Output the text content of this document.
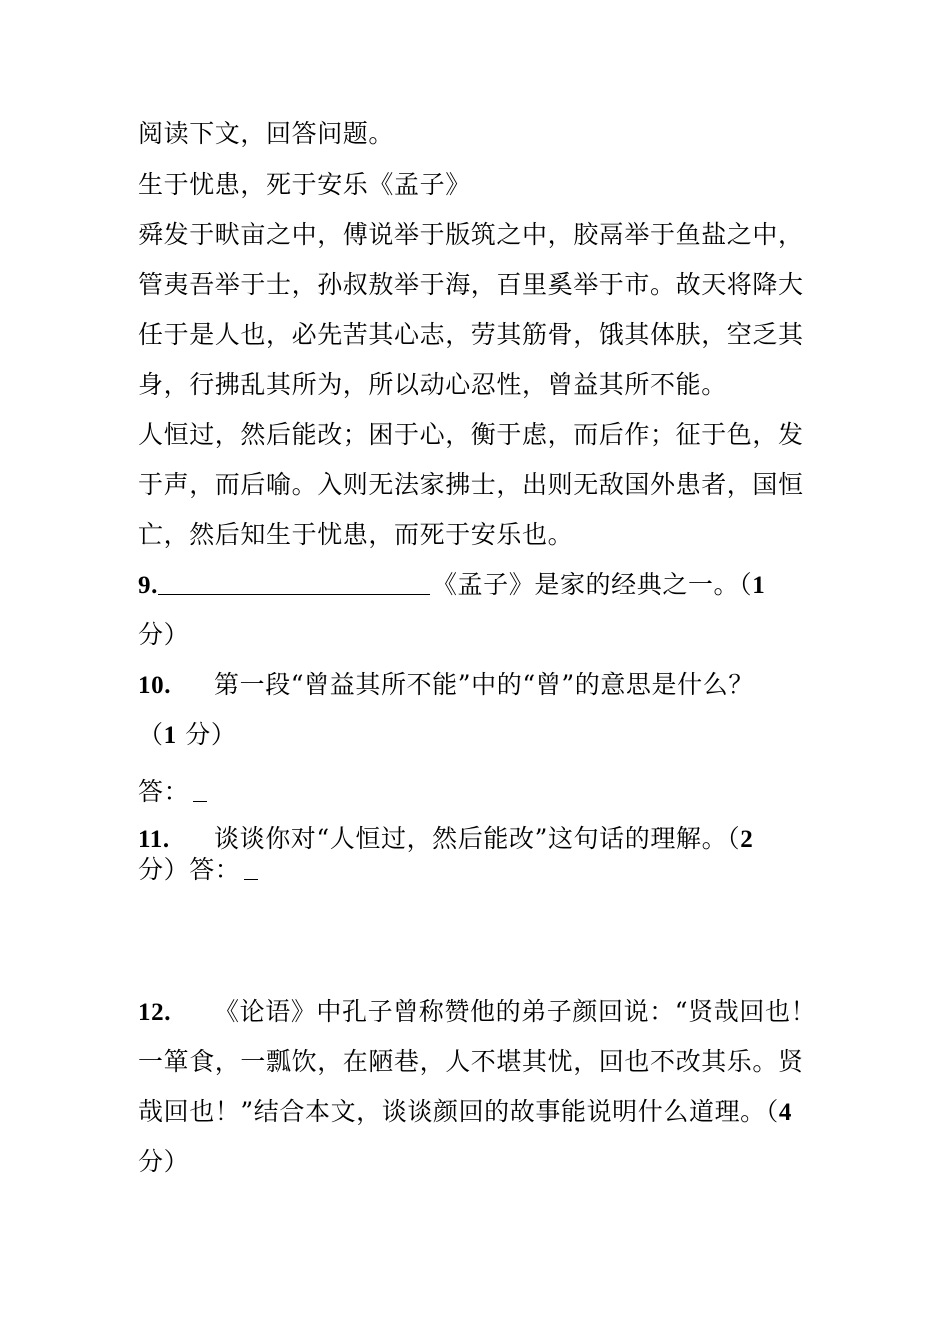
阅读下文，回答问题。

生于忧患，死于安乐《孟子》

舜发于畎亩之中，傅说举于版筑之中，胶鬲举于鱼盐之中，

管夷吾举于士，孙叔敖举于海，百里奚举于市。故天将降大

任于是人也，必先苦其心志，劳其筋骨，饿其体肤，空乏其

身，行拂乱其所为，所以动心忍性，曾益其所不能。

人恒过，然后能改；困于心，衡于虑，而后作；征于色，发

于声，而后喻。入则无法家拂士，出则无敌国外患者，国恒

亡，然后知生于忧患，而死于安乐也。

9.	《孟子》是家的经典之一。（1

分）

10. 第一段“曾益其所不能”中的“曾”的意思是什么？

（1 分）

答：

11. 谈谈你对“人恒过，然后能改”这句话的理解。（2

分）答：

12. 《论语》中孔子曾称赞他的弟子颜回说：“贤哉回也！

一箪食，一瓢饮，在陋巷，人不堪其忧，回也不改其乐。贤

哉回也！”结合本文，谈谈颜回的故事能说明什么道理。（4

分）
